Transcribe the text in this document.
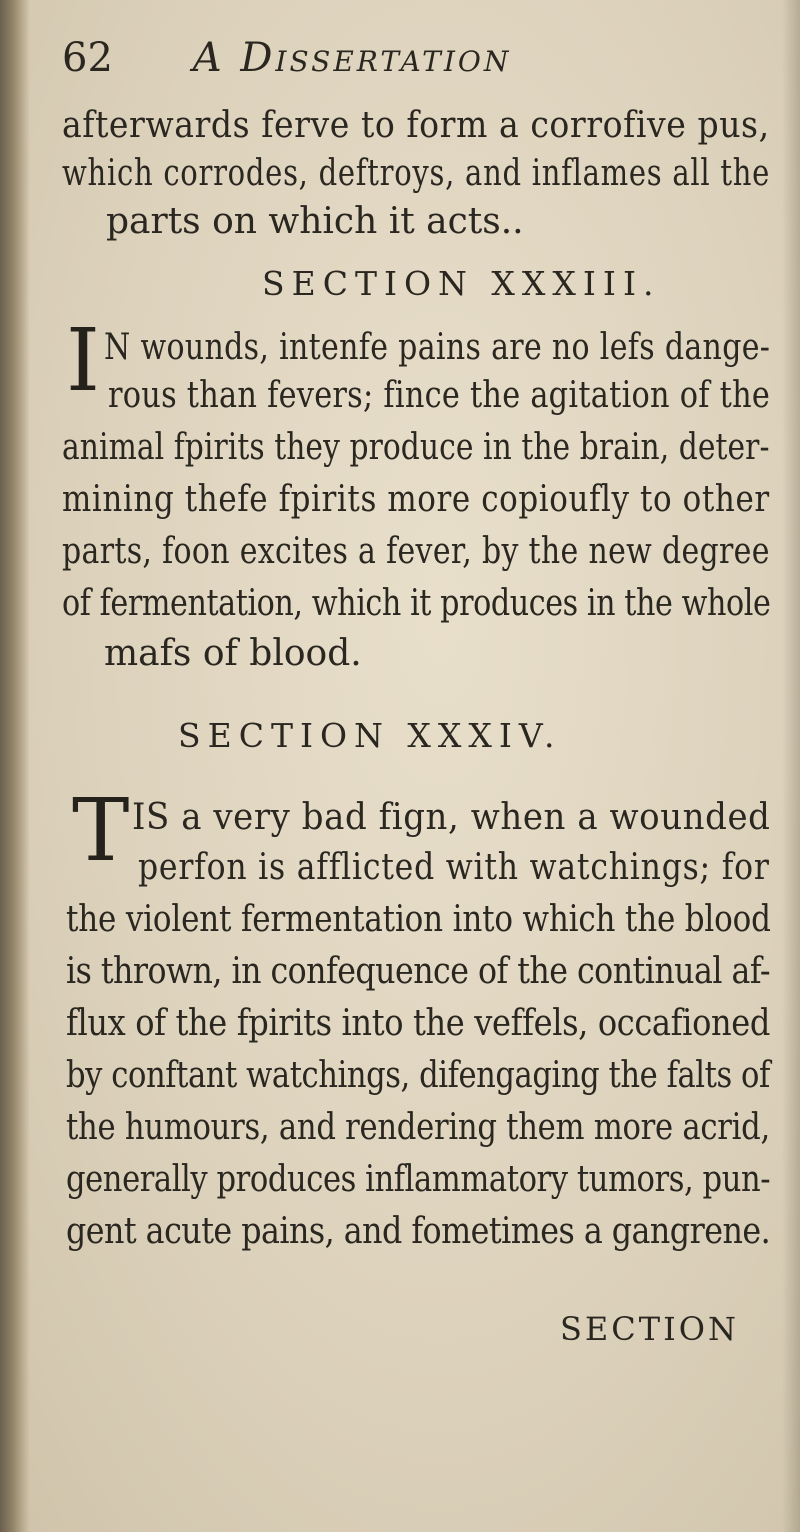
62 A Dissertation
afterwards ferve to form a corrofive pus,
which corrodes, deftroys, and inflames all the
parts on which it acts..
SECTION XXXIII.
I N wounds, intenfe pains are no lefs dange-
rous than fevers; fince the agitation of the
animal fpirits they produce in the brain, deter-
mining thefe fpirits more copioufly to other
parts, foon excites a fever, by the new degree
of fermentation, which it produces in the whole
mafs of blood.
SECTION XXXIV.
T IS a very bad fign, when a wounded
perfon is afflicted with watchings; for
the violent fermentation into which the blood
is thrown, in confequence of the continual af-
flux of the fpirits into the veffels, occafioned
by conftant watchings, difengaging the falts of
the humours, and rendering them more acrid,
generally produces inflammatory tumors, pun-
gent acute pains, and fometimes a gangrene.
SECTION
